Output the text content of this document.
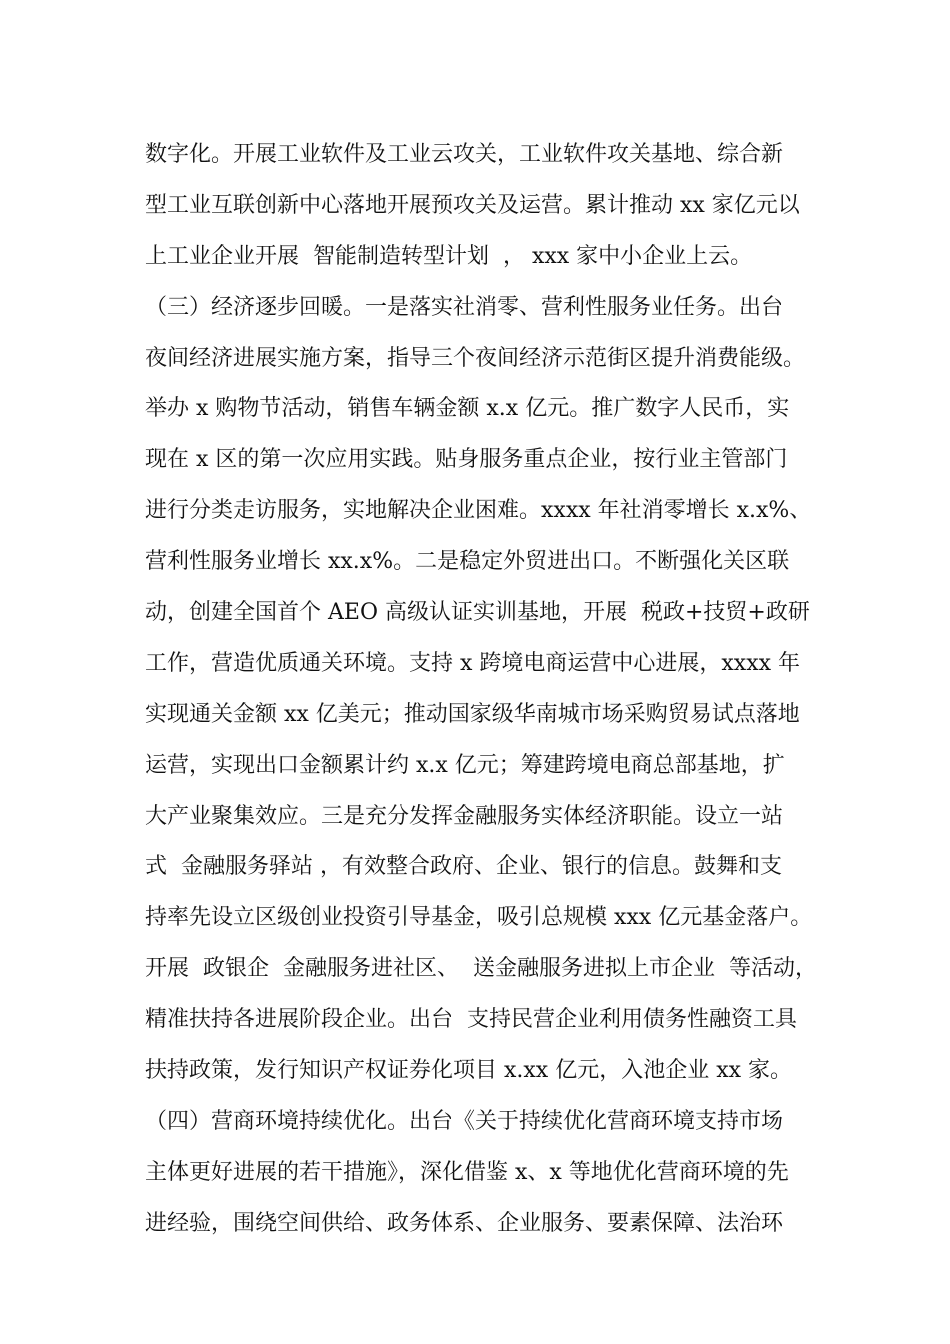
数字化。开展工业软件及工业云攻关，工业软件攻关基地、综合新
型工业互联创新中心落地开展预攻关及运营。累计推动 xx 家亿元以
上工业企业开展  智能制造转型计划  ， xxx 家中小企业上云。
（三）经济逐步回暖。一是落实社消零、营利性服务业任务。出台
夜间经济进展实施方案，指导三个夜间经济示范街区提升消费能级。
举办 x 购物节活动，销售车辆金额 x.x 亿元。推广数字人民币，实
现在 x 区的第一次应用实践。贴身服务重点企业，按行业主管部门
进行分类走访服务，实地解决企业困难。xxxx 年社消零增长 x.x%、
营利性服务业增长 xx.x%。二是稳定外贸进出口。不断强化关区联
动，创建全国首个 AEO 高级认证实训基地，开展  税政+技贸+政研
工作，营造优质通关环境。支持 x 跨境电商运营中心进展，xxxx 年
实现通关金额 xx 亿美元；推动国家级华南城市场采购贸易试点落地
运营，实现出口金额累计约 x.x 亿元；筹建跨境电商总部基地，扩
大产业聚集效应。三是充分发挥金融服务实体经济职能。设立一站
式  金融服务驿站 ，有效整合政府、企业、银行的信息。鼓舞和支
持率先设立区级创业投资引导基金，吸引总规模 xxx 亿元基金落户。
开展  政银企  金融服务进社区、  送金融服务进拟上市企业  等活动，
精准扶持各进展阶段企业。出台  支持民营企业利用债务性融资工具
扶持政策，发行知识产权证券化项目 x.xx 亿元，入池企业 xx 家。
（四）营商环境持续优化。出台《关于持续优化营商环境支持市场
主体更好进展的若干措施》，深化借鉴 x、x 等地优化营商环境的先
进经验，围绕空间供给、政务体系、企业服务、要素保障、法治环
